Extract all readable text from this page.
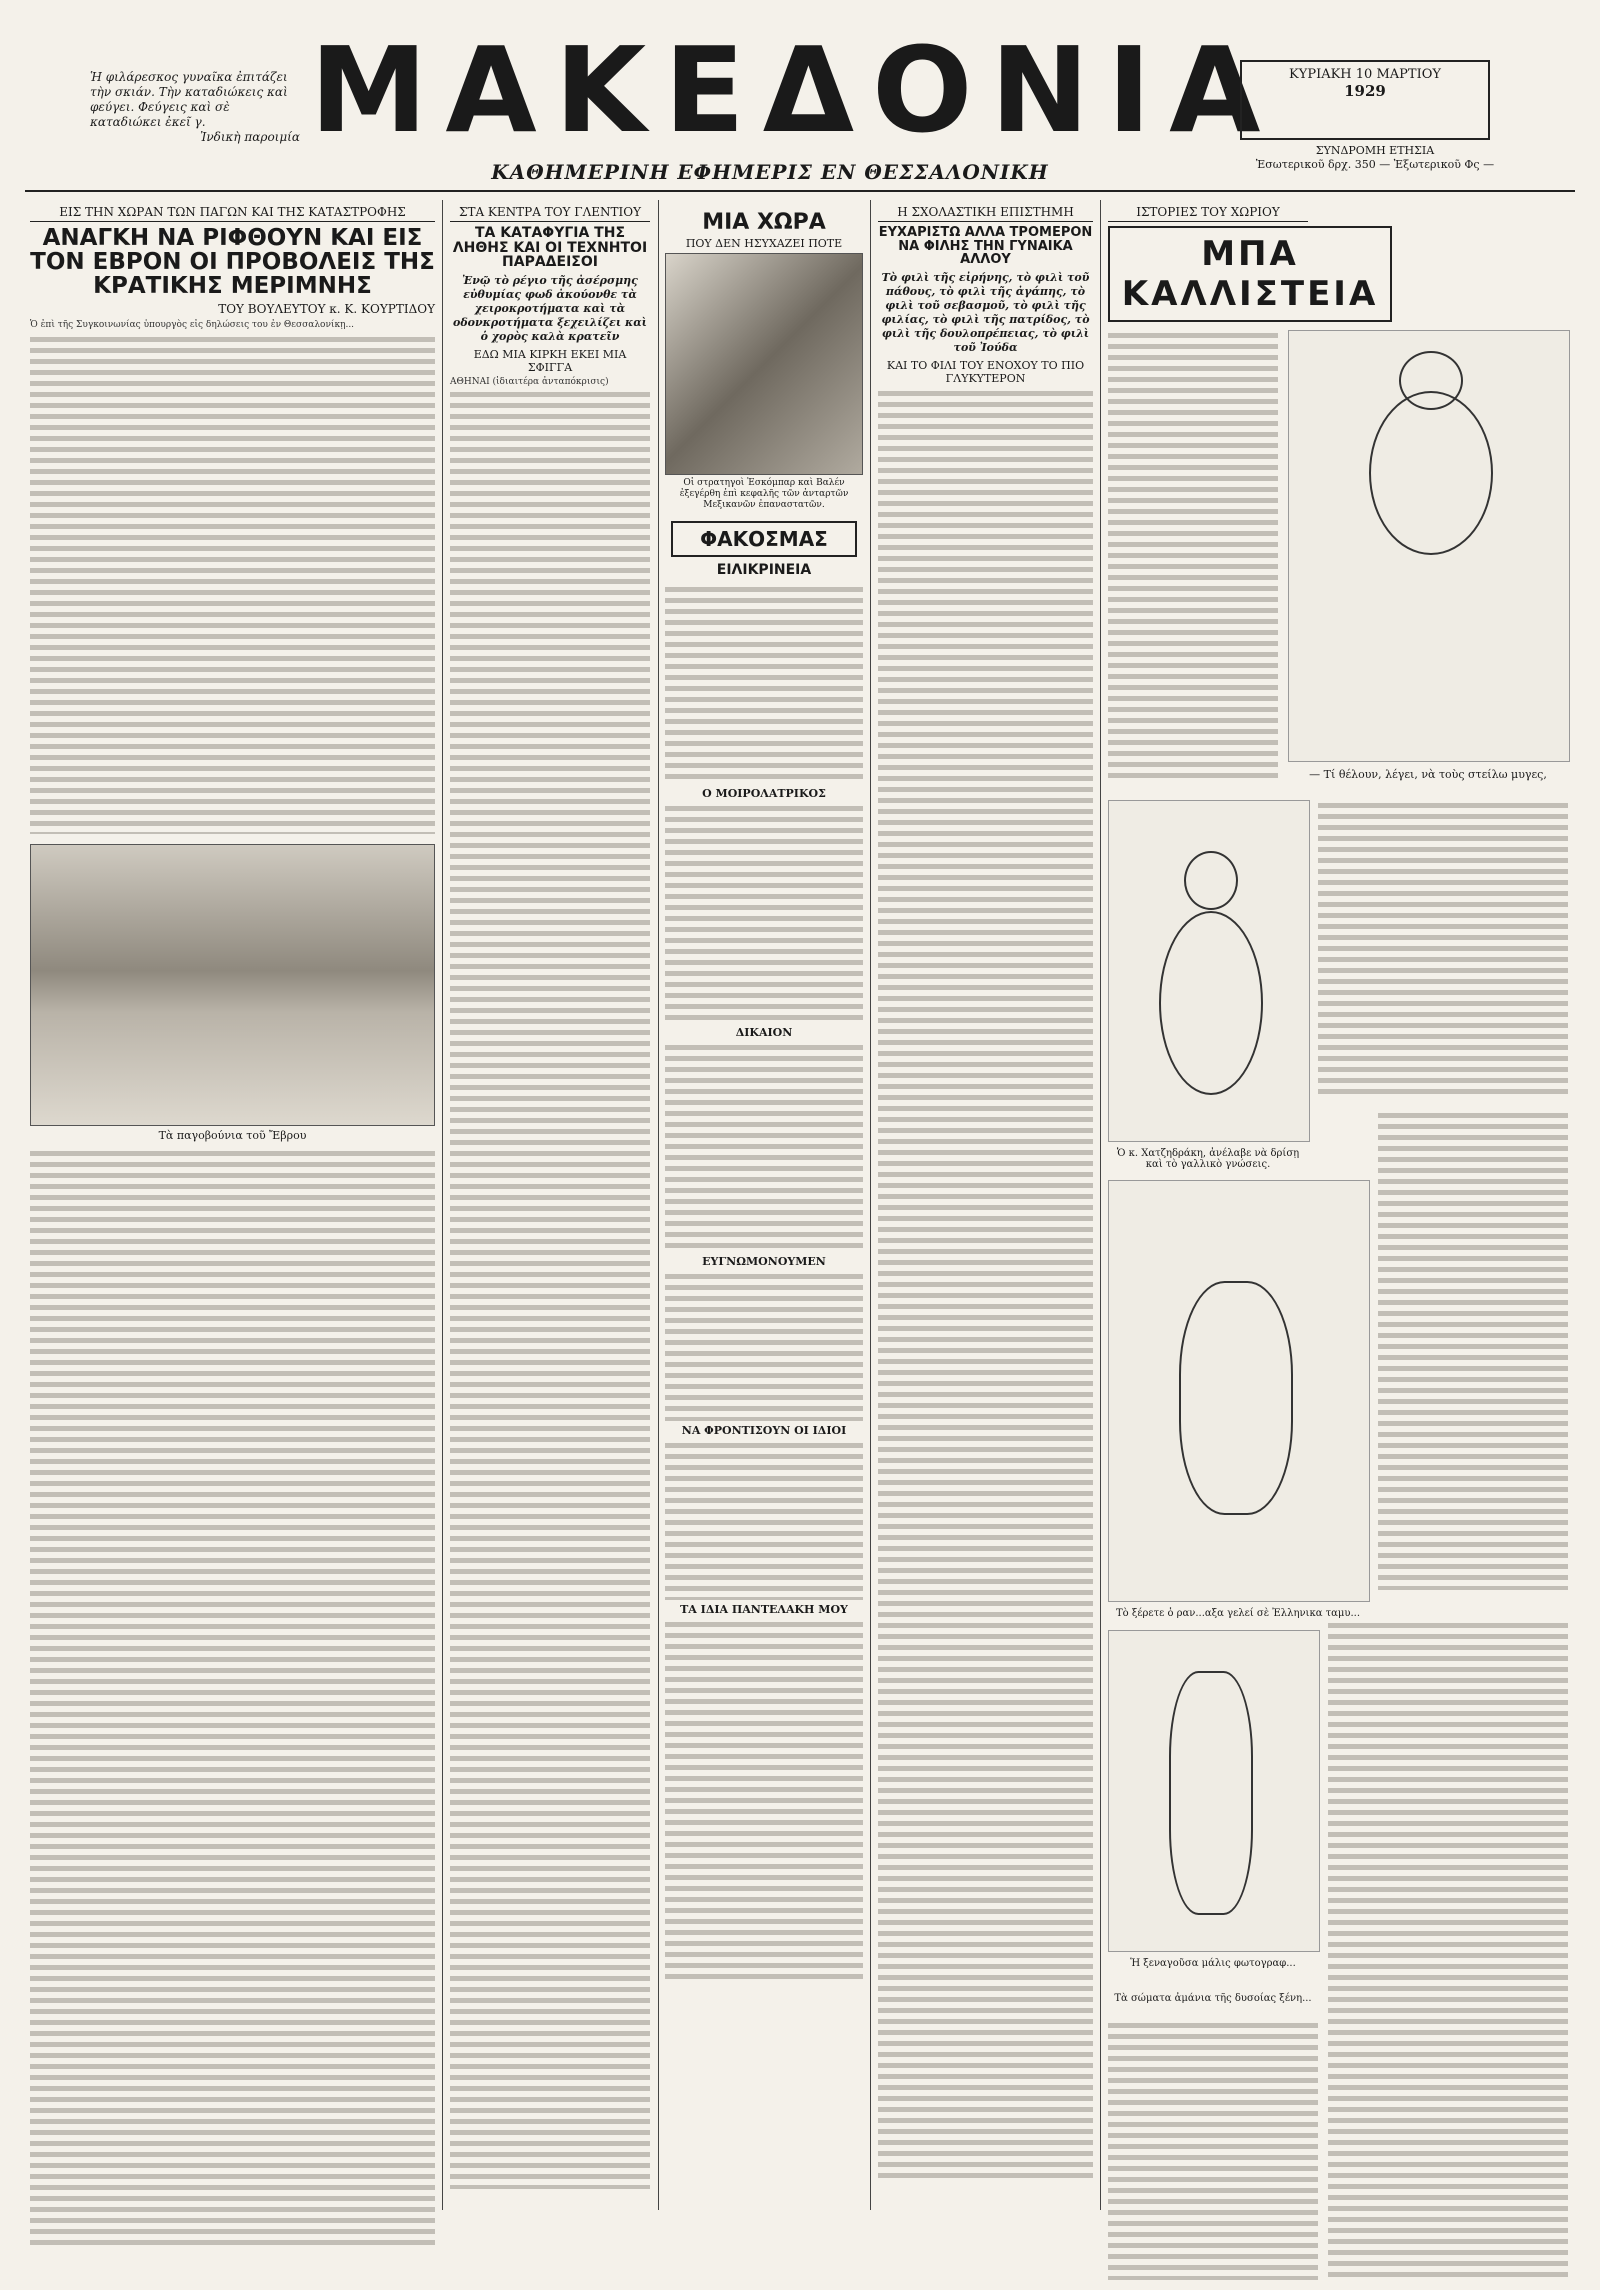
Ἡ φιλάρεσκος γυναῖκα ἐπιτάζει τὴν σκιάν. Τὴν καταδιώκεις καὶ φεύγει. Φεύγεις καὶ σὲ καταδιώκει ἐκεῖ γ.
Ἰνδικὴ παροιμία ΜΑΚΕΔΟΝΙΑ
ΚΑΘΗΜΕΡΙΝΗ ΕΦΗΜΕΡΙΣ ΕΝ ΘΕΣΣΑΛΟΝΙΚΗ
ΚΥΡΙΑΚΗ 10 ΜΑΡΤΙΟΥ
1929
ΣΥΝΔΡΟΜΗ ΕΤΗΣΙΑ
Ἐσωτερικοῦ δρχ. 350 — Ἐξωτερικοῦ Φς —
ΕΙΣ ΤΗΝ ΧΩΡΑΝ ΤΩΝ ΠΑΓΩΝ ΚΑΙ ΤΗΣ ΚΑΤΑΣΤΡΟΦΗΣ
ΑΝΑΓΚΗ ΝΑ ΡΙΦΘΟΥΝ ΚΑΙ ΕΙΣ ΤΟΝ ΕΒΡΟΝ ΟΙ ΠΡΟΒΟΛΕΙΣ ΤΗΣ ΚΡΑΤΙΚΗΣ ΜΕΡΙΜΝΗΣ
ΤΟΥ ΒΟΥΛΕΥΤΟΥ κ. Κ. ΚΟΥΡΤΙΔΟΥ
Ὁ ἐπὶ τῆς Συγκοινωνίας ὑπουργὸς εἰς δηλώσεις του ἐν Θεσσαλονίκῃ...
Τὰ παγοβούνια τοῦ Ἔβρου
ΣΤΑ ΚΕΝΤΡΑ ΤΟΥ ΓΛΕΝΤΙΟΥ
ΤΑ ΚΑΤΑΦΥΓΙΑ ΤΗΣ ΛΗΘΗΣ ΚΑΙ ΟΙ ΤΕΧΝΗΤΟΙ ΠΑΡΑΔΕΙΣΟΙ
Ἐνῷ τὸ ρέγιο τῆς ἀσέρσμης εὐθυμίας φωδ ἀκούονθε τὰ χειροκροτήματα καὶ τὰ οδονκροτήματα ξεχειλίζει καὶ ὁ χορὸς καλὰ κρατεῖν
ΕΔΩ ΜΙΑ ΚΙΡΚΗ ΕΚΕΙ ΜΙΑ ΣΦΙΓΓΑ
ΑΘΗΝΑΙ (ἰδιαιτέρα ἀνταπόκρισις)
ΜΙΑ ΧΩΡΑ
ΠΟΥ ΔΕΝ ΗΣΥΧΑΖΕΙ ΠΟΤΕ
Οἱ στρατηγοὶ Ἐσκόμπαρ καὶ Βαλέν ἐξεγέρθη ἐπὶ κεφαλῆς τῶν ἀνταρτῶν Μεξικανῶν ἐπαναστατῶν.
ΦΑΚΟΣΜΑΣ
ΕΙΛΙΚΡΙΝΕΙΑ
Ο ΜΟΙΡΟΛΑΤΡΙΚΟΣ
ΔΙΚΑΙΟΝ
ΕΥΓΝΩΜΟΝΟΥΜΕΝ
ΝΑ ΦΡΟΝΤΙΣΟΥΝ ΟΙ ΙΔΙΟΙ
ΤΑ ΙΔΙΑ ΠΑΝΤΕΛΑΚΗ ΜΟΥ
Η ΣΧΟΛΑΣΤΙΚΗ ΕΠΙΣΤΗΜΗ
ΕΥΧΑΡΙΣΤΩ ΑΛΛΑ ΤΡΟΜΕΡΟΝ ΝΑ ΦΙΛΗΣ ΤΗΝ ΓΥΝΑΙΚΑ ΑΛΛΟΥ
Τὸ φιλὶ τῆς εἰρήνης, τὸ φιλὶ τοῦ πάθους, τὸ φιλὶ τῆς ἀγάπης, τὸ φιλὶ τοῦ σεβασμοῦ, τὸ φιλὶ τῆς φιλίας, τὸ φιλὶ τῆς πατρίδος, τὸ φιλὶ τῆς δουλοπρέπειας, τὸ φιλὶ τοῦ Ἰούδα
ΚΑΙ ΤΟ ΦΙΛΙ ΤΟΥ ΕΝΟΧΟΥ ΤΟ ΠΙΟ ΓΛΥΚΥΤΕΡΟΝ
ΙΣΤΟΡΙΕΣ ΤΟΥ ΧΩΡΙΟΥ
ΜΠΑ ΚΑΛΛΙΣΤΕΙΑ
— Τί θέλουν, λέγει, νὰ τοὺς στείλω μυγες,
Ὁ κ. Χατζηδράκη, ἀνέλαβε νὰ δρίσῃ καὶ τὸ γαλλικὸ γνώσεις.
Τὸ ξέρετε ὁ ραν...αξα γελεί σὲ Ἐλληνικα ταμυ...
Ἡ ξεναγοῦσα μάλις φωτογραφ...
Τὰ σώματα ἀμάνια τῆς δυσοίας ξένη...
